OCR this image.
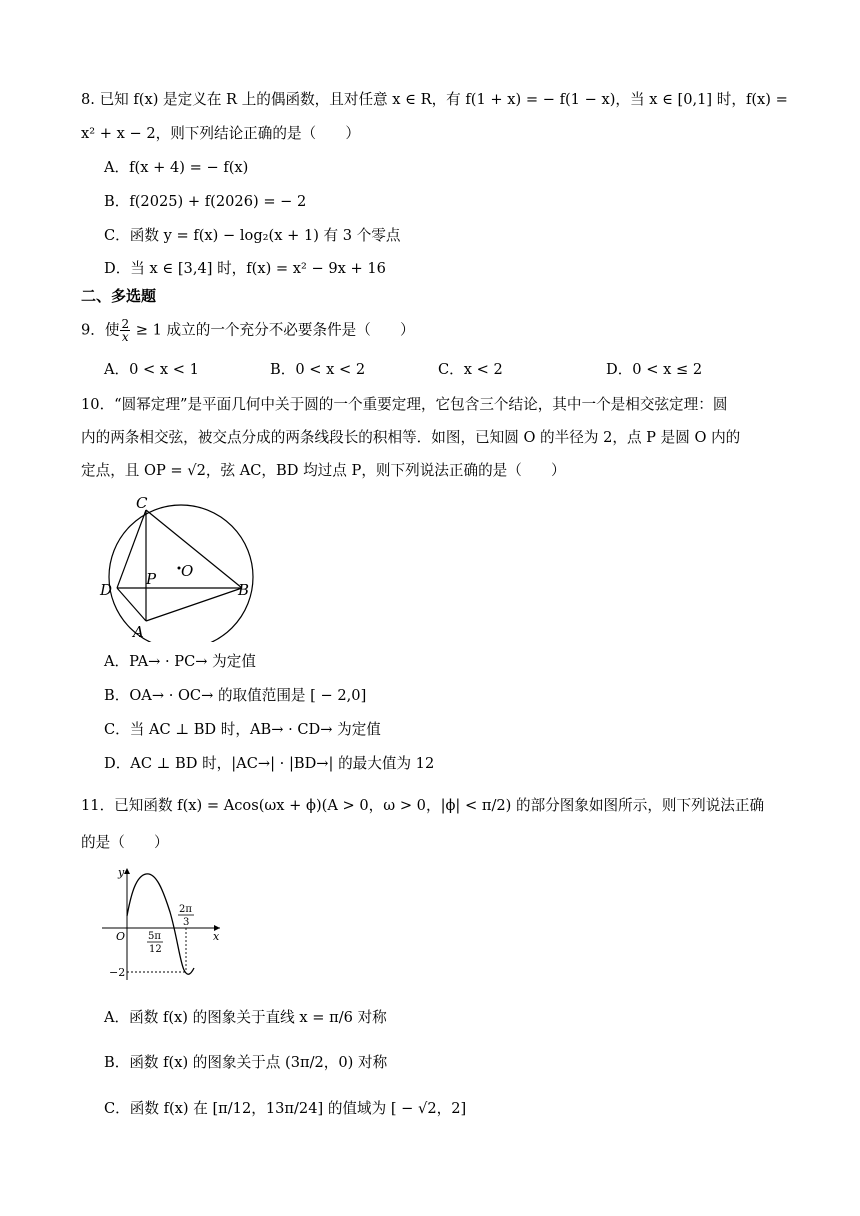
8. 已知 f(x) 是定义在 R 上的偶函数，且对任意 x ∈ R，有 f(1 + x) = − f(1 − x)，当 x ∈ [0,1] 时，f(x) =
x² + x − 2，则下列结论正确的是（　　）
A．f(x + 4) = − f(x)
B．f(2025) + f(2026) = − 2
C．函数 y = f(x) − log₂(x + 1) 有 3 个零点
D．当 x ∈ [3,4] 时，f(x) = x² − 9x + 16
二、多选题
9．使 $\frac{2}{x} \ge 1$ 成立的一个充分不必要条件是（　　）
A．0 < x < 1	B．0 < x < 2	C．x < 2	D．0 < x ≤ 2
10．“圆幂定理”是平面几何中关于圆的一个重要定理，它包含三个结论，其中一个是相交弦定理：圆
内的两条相交弦，被交点分成的两条线段长的积相等．如图，已知圆 O 的半径为 2，点 P 是圆 O 内的
定点，且 OP = √2，弦 AC，BD 均过点 P，则下列说法正确的是（　　）
C
D
P O
B
A
A．PA→ · PC→ 为定值
B．OA→ · OC→ 的取值范围是 [ − 2,0]
C．当 AC ⊥ BD 时，AB→ · CD→ 为定值
D．AC ⊥ BD 时，|AC→| · |BD→| 的最大值为 12
11．已知函数 f(x) = Acos(ωx + ϕ)(A > 0，ω > 0，|ϕ| < π/2) 的部分图象如图所示，则下列说法正确
的是（　　）
y
x
O 5π
12
2π
3
−2
A．函数 f(x) 的图象关于直线 x = π/6 对称
B．函数 f(x) 的图象关于点 (3π/2，0) 对称
C．函数 f(x) 在 [π/12，13π/24] 的值域为 [ − √2，2]
